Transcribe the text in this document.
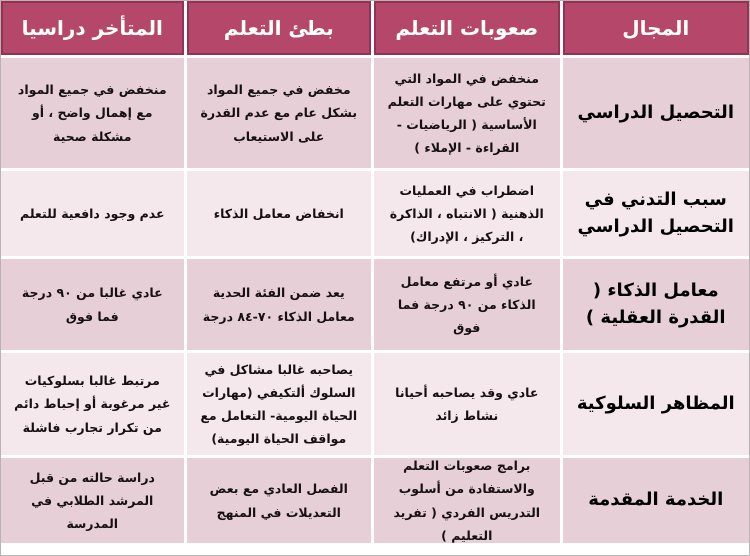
المجال
صعوبات التعلم
بطئ التعلم
المتأخر دراسيا
التحصيل الدراسي
منخفض في المواد التي تحتوي على مهارات التعلم الأساسية ( الرياضيات - القراءة - الإملاء )
مخفض في جميع المواد بشكل عام مع عدم القدرة على الاستيعاب
منخفض في جميع المواد مع إهمال واضح ، أو مشكلة صحية
سبب التدني في التحصيل الدراسي
اضطراب في العمليات الذهنية ( الانتباه ، الذاكرة ، التركيز ، الإدراك)
انخفاض معامل الذكاء
عدم وجود دافعية للتعلم
معامل الذكاء ( القدرة العقلية )
عادي أو مرتفع معامل الذكاء من ٩٠ درجة فما فوق
يعد ضمن الفئة الحدية معامل الذكاء ٧٠-٨٤ درجة
عادي غالبا من ٩٠ درجة فما فوق
المظاهر السلوكية
عادي وقد يصاحبه أحيانا نشاط زائد
يصاحبه غالبا مشاكل في السلوك ألتكيفي (مهارات الحياة اليومية- التعامل مع مواقف الحياة اليومية)
مرتبط غالبا بسلوكيات غير مرغوبة أو إحباط دائم من تكرار تجارب فاشلة
الخدمة المقدمة
برامج صعوبات التعلم والاستفادة من أسلوب التدريس الفردي ( تفريد التعليم )
الفصل العادي مع بعض التعديلات في المنهج
دراسة حالته من قبل المرشد الطلابي في المدرسة
